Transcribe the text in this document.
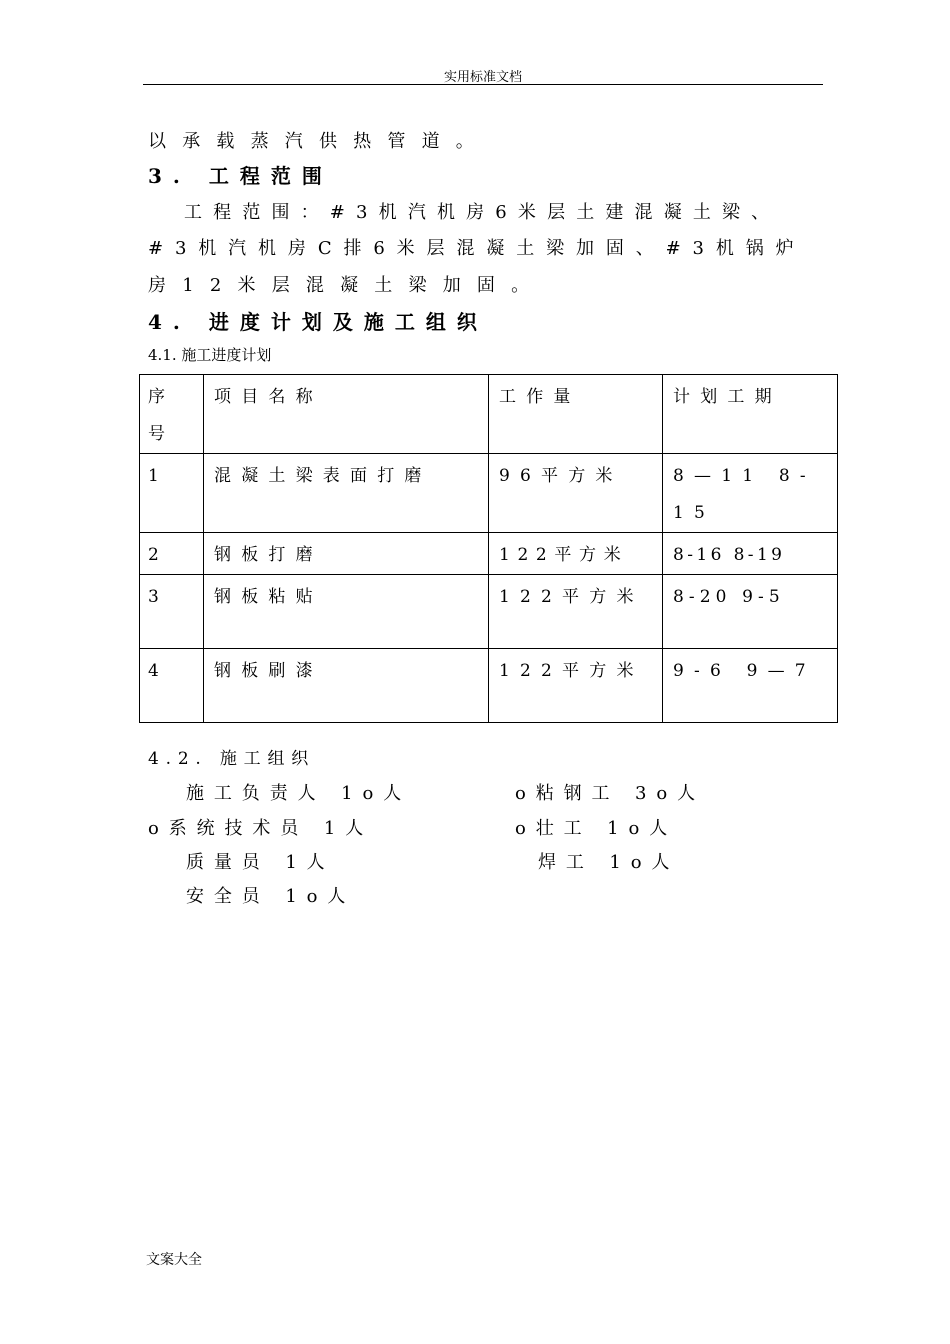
实用标准文档
以承载蒸汽供热管道。
3. 工程范围
工程范围：#3机汽机房6米层土建混凝土梁、
#3机汽机房C排6米层混凝土梁加固、#3机锅炉
房12米层混凝土梁加固。
4. 进度计划及施工组织
4.1. 施工进度计划
序号	项目名称	工作量	计划工期
1	混凝土梁表面打磨	96平方米	8—11 8-15
2	钢板打磨	122平方米	8-16 8-19
3	钢板粘贴	122平方米	8-20 9-5
4	钢板刷漆	122平方米	9-6 9—7
4.2. 施工组织
施工负责人 1o人
o系统技术员 1人
质量员 1人
安全员 1o人
o粘钢工 3o人
o壮工 1o人
焊工 1o人
文案大全
